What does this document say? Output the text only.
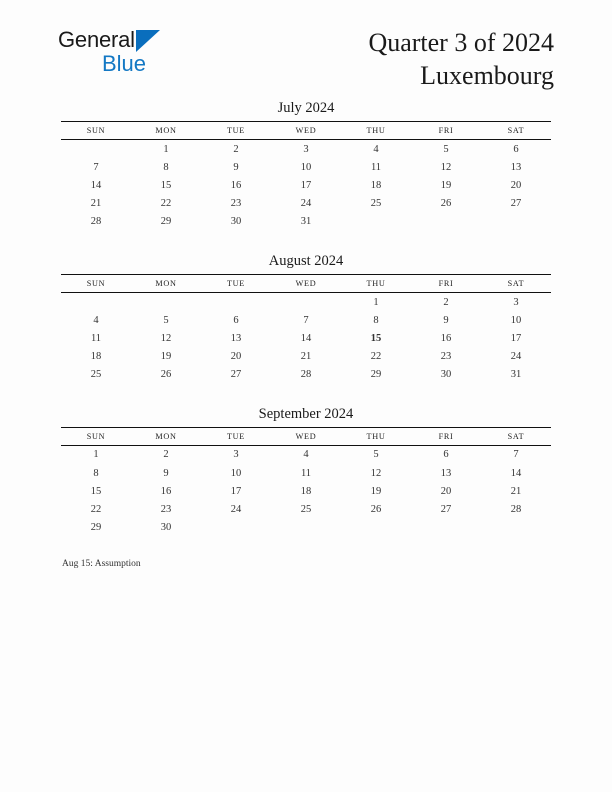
General
Blue
Quarter 3 of 2024
Luxembourg
July 2024
SUN	MON	TUE	WED	THU	FRI	SAT
	1	2	3	4	5	6
7	8	9	10	11	12	13
14	15	16	17	18	19	20
21	22	23	24	25	26	27
28	29	30	31			
August 2024
SUN	MON	TUE	WED	THU	FRI	SAT
				1	2	3
4	5	6	7	8	9	10
11	12	13	14	15	16	17
18	19	20	21	22	23	24
25	26	27	28	29	30	31
September 2024
SUN	MON	TUE	WED	THU	FRI	SAT
1	2	3	4	5	6	7
8	9	10	11	12	13	14
15	16	17	18	19	20	21
22	23	24	25	26	27	28
29	30					
Aug 15: Assumption
